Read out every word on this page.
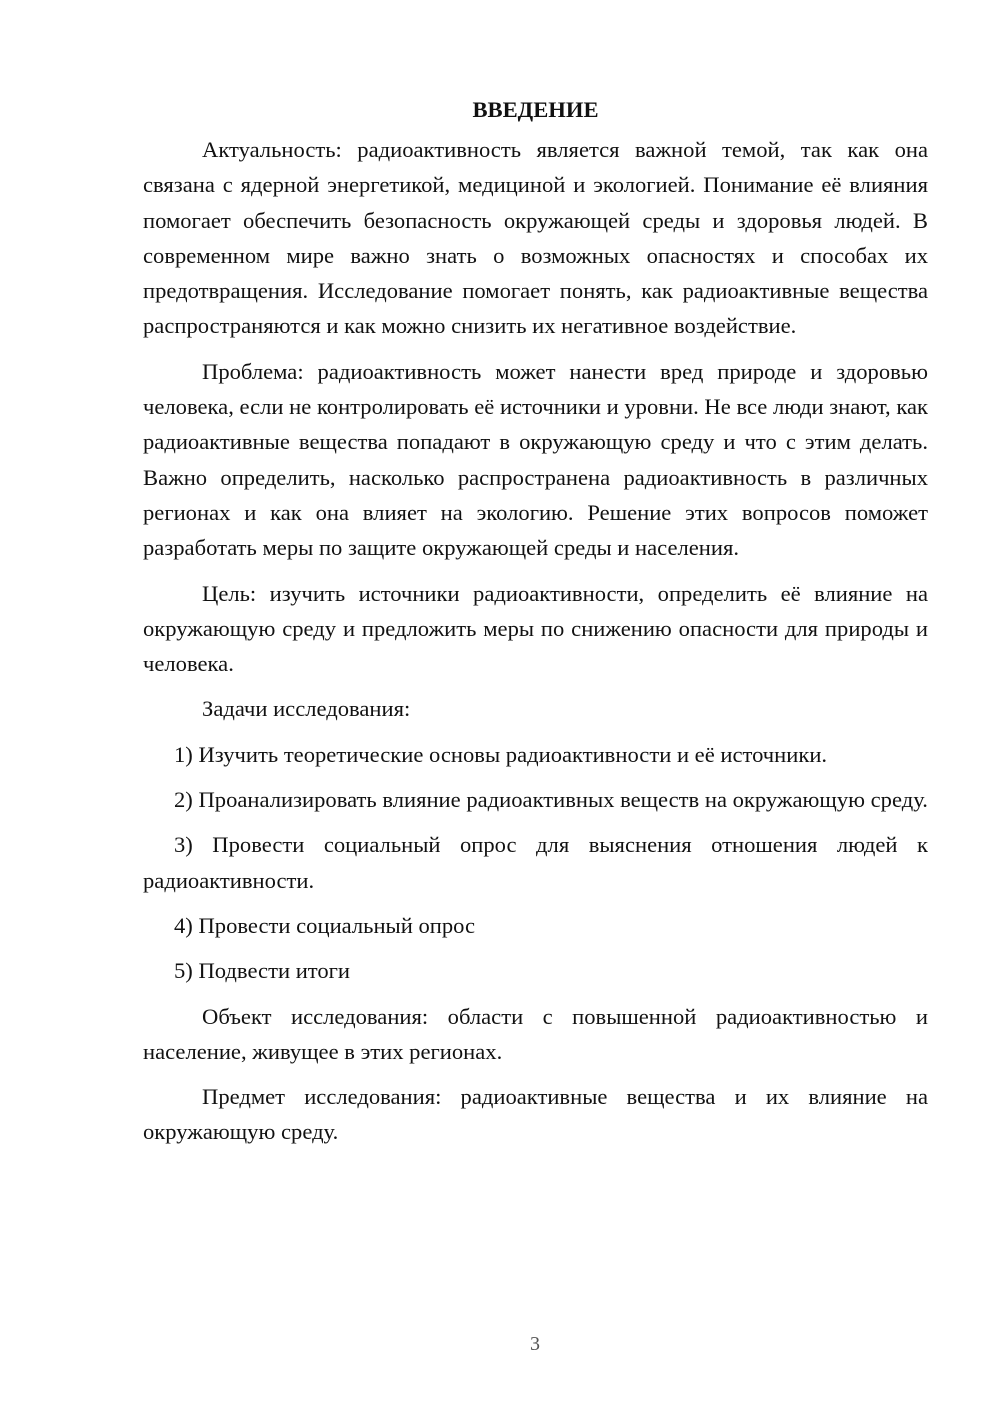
ВВЕДЕНИЕ

Актуальность: радиоактивность является важной темой, так как она связана с ядерной энергетикой, медициной и экологией. Понимание её влияния помогает обеспечить безопасность окружающей среды и здоровья людей. В современном мире важно знать о возможных опасностях и способах их предотвращения. Исследование помогает понять, как радиоактивные вещества распространяются и как можно снизить их негативное воздействие.

Проблема: радиоактивность может нанести вред природе и здоровью человека, если не контролировать её источники и уровни. Не все люди знают, как радиоактивные вещества попадают в окружающую среду и что с этим делать. Важно определить, насколько распространена радиоактивность в различных регионах и как она влияет на экологию. Решение этих вопросов поможет разработать меры по защите окружающей среды и населения.

Цель: изучить источники радиоактивности, определить её влияние на окружающую среду и предложить меры по снижению опасности для природы и человека.

Задачи исследования:

1) Изучить теоретические основы радиоактивности и её источники.

2) Проанализировать влияние радиоактивных веществ на окружающую среду.

3) Провести социальный опрос для выяснения отношения людей к радиоактивности.

4) Провести социальный опрос

5) Подвести итоги

Объект исследования: области с повышенной радиоактивностью и население, живущее в этих регионах.

Предмет исследования: радиоактивные вещества и их влияние на окружающую среду.

3
